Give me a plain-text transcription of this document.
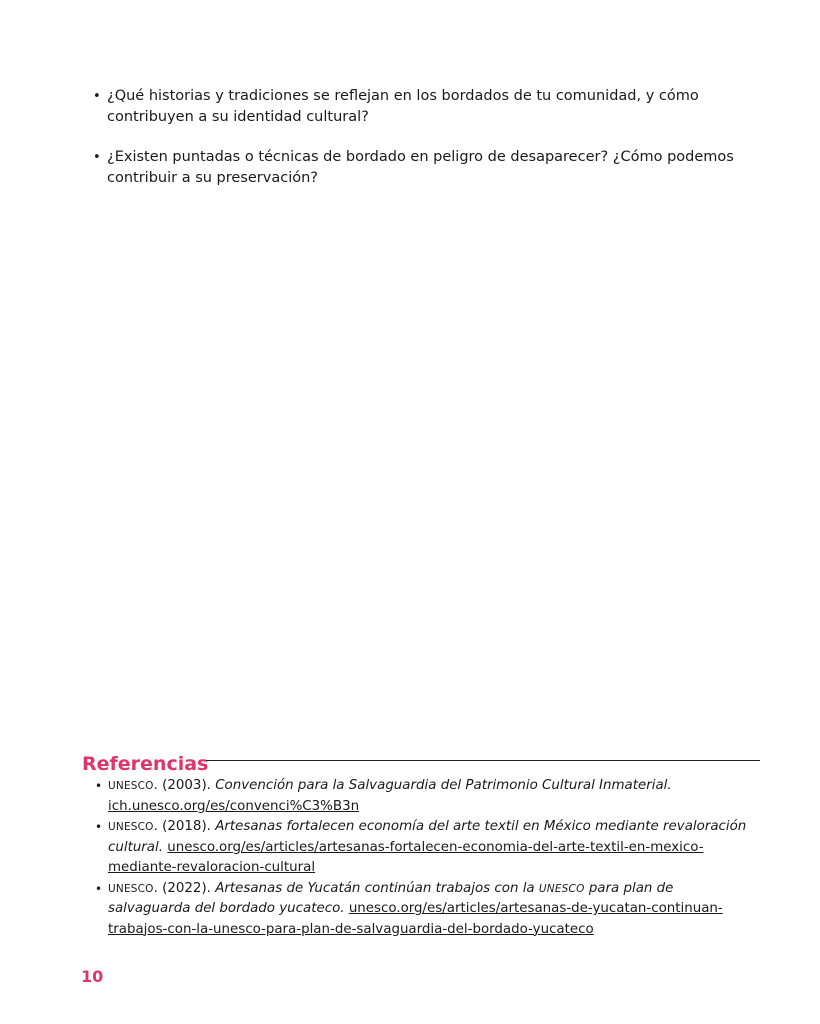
• ¿Qué historias y tradiciones se reflejan en los bordados de tu comunidad, y cómo contribuyen a su identidad cultural?
• ¿Existen puntadas o técnicas de bordado en peligro de desaparecer? ¿Cómo podemos contribuir a su preservación?
Referencias
• UNESCO. (2003). Convención para la Salvaguardia del Patrimonio Cultural Inmaterial. ich.unesco.org/es/convenci%C3%B3n
• UNESCO. (2018). Artesanas fortalecen economía del arte textil en México mediante revaloración cultural. unesco.org/es/articles/artesanas-fortalecen-economia-del-arte-textil-en-mexico-mediante-revaloracion-cultural
• UNESCO. (2022). Artesanas de Yucatán continúan trabajos con la UNESCO para plan de salvaguarda del bordado yucateco. unesco.org/es/articles/artesanas-de-yucatan-continuan-trabajos-con-la-unesco-para-plan-de-salvaguardia-del-bordado-yucateco
10
